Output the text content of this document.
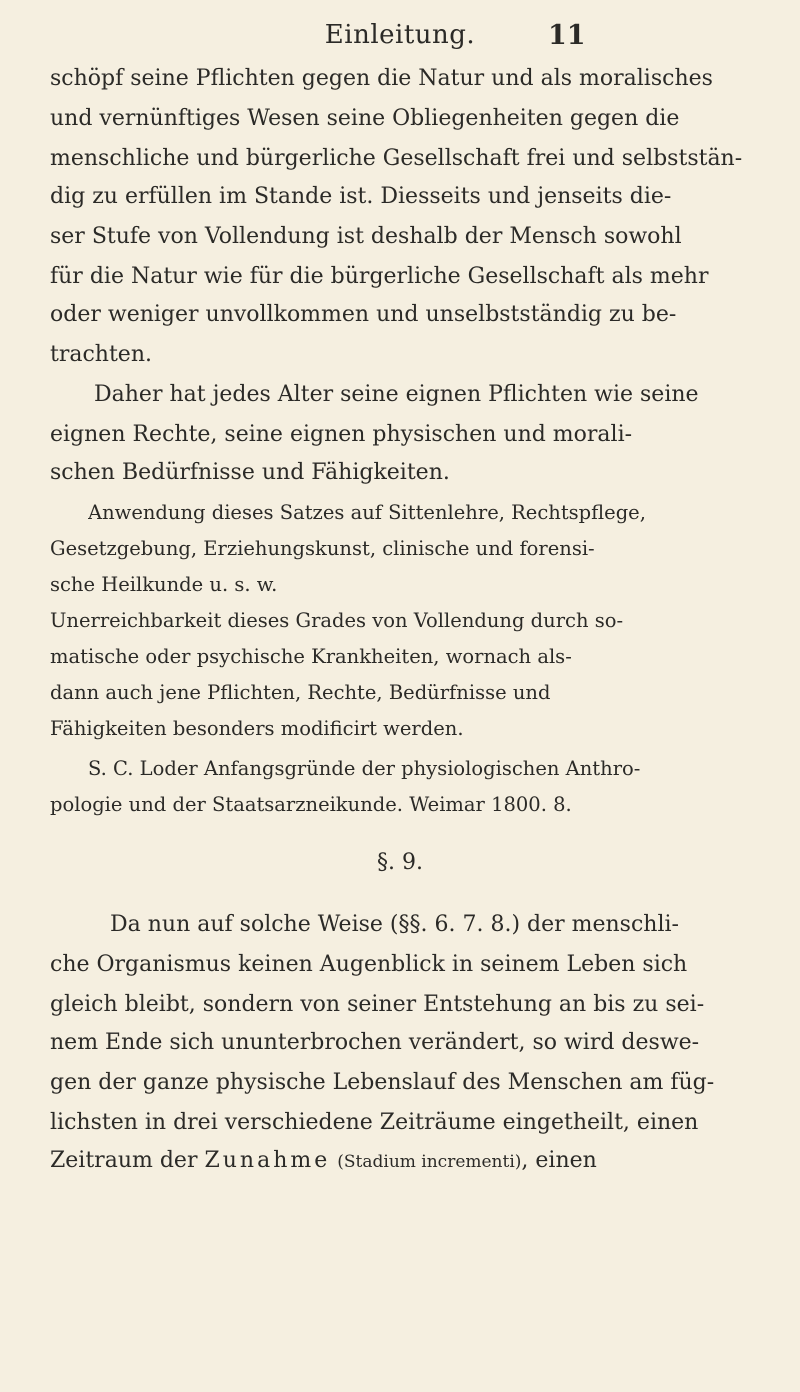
Einleitung.	11
schöpf seine Pflichten gegen die Natur und als moralisches
und vernünftiges Wesen seine Obliegenheiten gegen die
menschliche und bürgerliche Gesellschaft frei und selbststän-
dig zu erfüllen im Stande ist. Diesseits und jenseits die-
ser Stufe von Vollendung ist deshalb der Mensch sowohl
für die Natur wie für die bürgerliche Gesellschaft als mehr
oder weniger unvollkommen und unselbstständig zu be-
trachten.
Daher hat jedes Alter seine eignen Pflichten wie seine
eignen Rechte, seine eignen physischen und morali-
schen Bedürfnisse und Fähigkeiten.
Anwendung dieses Satzes auf Sittenlehre, Rechtspflege,
Gesetzgebung, Erziehungskunst, clinische und forensi-
sche Heilkunde u. s. w.
Unerreichbarkeit dieses Grades von Vollendung durch so-
matische oder psychische Krankheiten, wornach als-
dann auch jene Pflichten, Rechte, Bedürfnisse und
Fähigkeiten besonders modificirt werden.
S. C. Loder Anfangsgründe der physiologischen Anthro-
pologie und der Staatsarzneikunde. Weimar 1800. 8.
§. 9.
Da nun auf solche Weise (§§. 6. 7. 8.) der menschli-
che Organismus keinen Augenblick in seinem Leben sich
gleich bleibt, sondern von seiner Entstehung an bis zu sei-
nem Ende sich ununterbrochen verändert, so wird deswe-
gen der ganze physische Lebenslauf des Menschen am füg-
lichsten in drei verschiedene Zeiträume eingetheilt, einen
Zeitraum der Zunahme (Stadium incrementi), einen
